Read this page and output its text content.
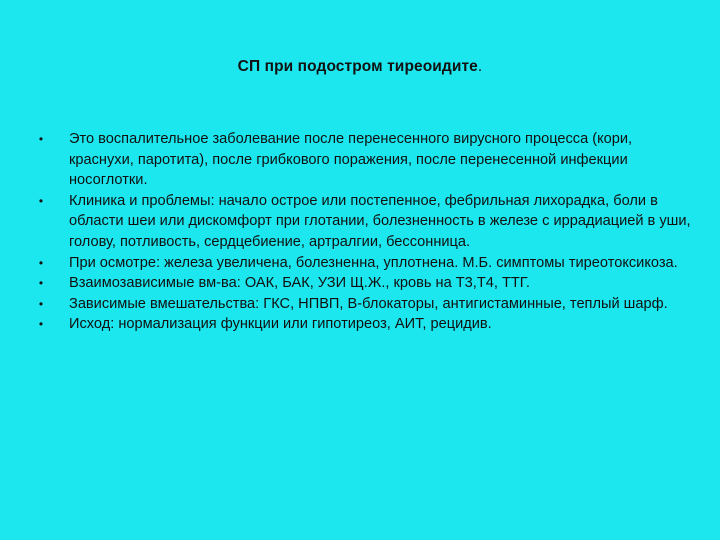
СП при подостром тиреоидите.
•	Это воспалительное заболевание после перенесенного вирусного процесса (кори, краснухи, паротита), после грибкового поражения, после перенесенной инфекции носоглотки.
•	Клиника и проблемы: начало острое или постепенное, фебрильная лихорадка, боли в области шеи или дискомфорт при глотании, болезненность в железе с иррадиацией в уши, голову, потливость, сердцебиение, артралгии, бессонница.
•	При осмотре: железа увеличена, болезненна, уплотнена. М.Б. симптомы тиреотоксикоза.
•	Взаимозависимые вм-ва: ОАК, БАК, УЗИ Щ.Ж., кровь на Т3,Т4, ТТГ.
•	Зависимые вмешательства: ГКС, НПВП, В-блокаторы, антигистаминные, теплый шарф.
•	Исход: нормализация функции или гипотиреоз, АИТ, рецидив.
